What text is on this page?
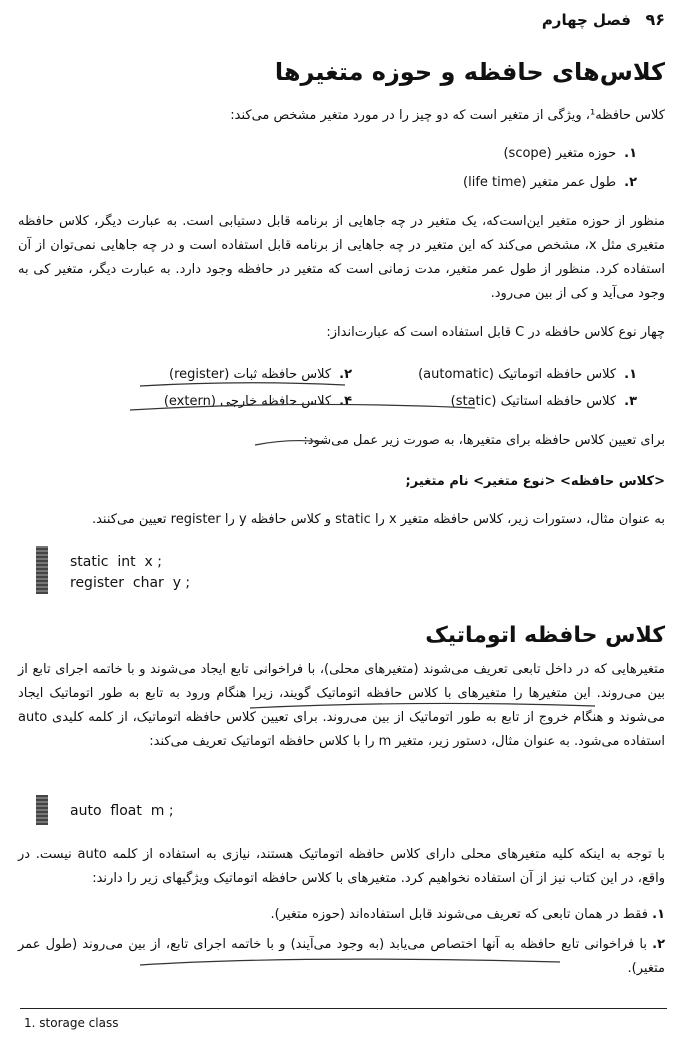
۹۶
فصل چهارم
کلاس‌های حافظه و حوزه متغیرها
کلاس حافظه¹، ویژگی از متغیر است که دو چیز را در مورد متغیر مشخص می‌کند:
۱.حوزه متغیر (scope)
۲.طول عمر متغیر (life time)
منظور از حوزه متغیر این‌است‌که، یک متغیر در چه جاهایی از برنامه قابل دستیابی است. به عبارت دیگر، کلاس حافظه متغیری مثل x، مشخص می‌کند که این متغیر در چه جاهایی از برنامه قابل استفاده است و در چه جاهایی نمی‌توان از آن استفاده کرد. منظور از طول عمر متغیر، مدت زمانی است که متغیر در حافظه وجود دارد. به عبارت دیگر، متغیر کی به وجود می‌آید و کی از بین می‌رود.
چهار نوع کلاس حافظه در C قابل استفاده است که عبارت‌انداز:
۱.کلاس حافظه اتوماتیک (automatic)
۲.کلاس حافظه ثبات (register)
۳.کلاس حافظه استاتیک (static)
۴.کلاس حافظه خارجی (extern)
برای تعیین کلاس حافظه برای متغیرها، به صورت زیر عمل می‌شود:
<کلاس حافظه> <نوع متغیر> نام متغیر;
به عنوان مثال، دستورات زیر، کلاس حافظه متغیر x را static و کلاس حافظه y را register تعیین می‌کنند.
static  int  x ;
register  char  y ;
کلاس حافظه اتوماتیک
متغیرهایی که در داخل تابعی تعریف می‌شوند (متغیرهای محلی)، با فراخوانی تابع ایجاد می‌شوند و با خاتمه اجرای تابع از بین می‌روند. این متغیرها را متغیرهای با کلاس حافظه اتوماتیک گویند، زیرا هنگام ورود به تابع به طور اتوماتیک ایجاد می‌شوند و هنگام خروج از تابع به طور اتوماتیک از بین می‌روند. برای تعیین کلاس حافظه اتوماتیک، از کلمه کلیدی auto استفاده می‌شود. به عنوان مثال، دستور زیر، متغیر m را با کلاس حافظه اتوماتیک تعریف می‌کند:
auto  float  m ;
با توجه به اینکه کلیه متغیرهای محلی دارای کلاس حافظه اتوماتیک هستند، نیازی به استفاده از کلمه auto نیست. در واقع، در این کتاب نیز از آن استفاده نخواهیم کرد. متغیرهای با کلاس حافظه اتوماتیک ویژگیهای زیر را دارند:
۱. فقط در همان تابعی که تعریف می‌شوند قابل استفاده‌اند (حوزه متغیر).
۲. با فراخوانی تابع حافظه به آنها اختصاص می‌یابد (به وجود می‌آیند) و با خاتمه اجرای تابع، از بین می‌روند (طول عمر متغیر).
1. storage class
